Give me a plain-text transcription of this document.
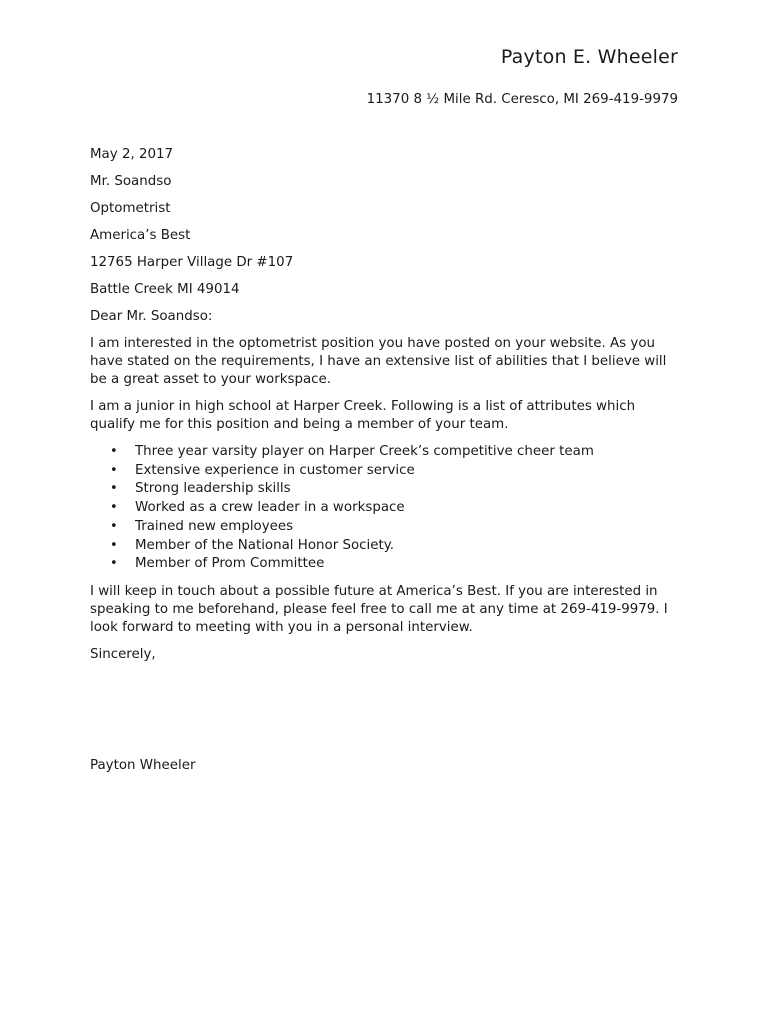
Payton E. Wheeler
11370 8 ½ Mile Rd. Ceresco, MI 269-419-9979
May 2, 2017
Mr. Soandso
Optometrist
America’s Best
12765 Harper Village Dr #107
Battle Creek MI 49014
Dear Mr. Soandso:

I am interested in the optometrist position you have posted on your website. As you have stated on the requirements, I have an extensive list of abilities that I believe will be a great asset to your workspace.

I am a junior in high school at Harper Creek. Following is a list of attributes which qualify me for this position and being a member of your team.

• Three year varsity player on Harper Creek’s competitive cheer team
• Extensive experience in customer service
• Strong leadership skills
• Worked as a crew leader in a workspace
• Trained new employees
• Member of the National Honor Society.
• Member of Prom Committee

I will keep in touch about a possible future at America’s Best. If you are interested in speaking to me beforehand, please feel free to call me at any time at 269-419-9979. I look forward to meeting with you in a personal interview.

Sincerely,
Payton Wheeler
